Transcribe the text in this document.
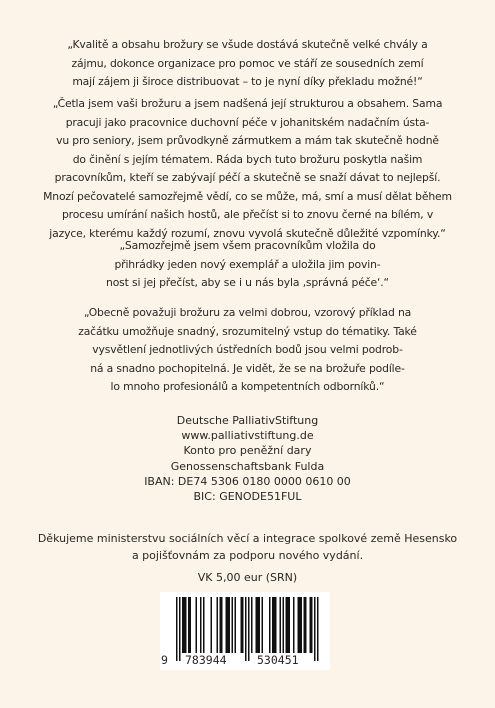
„Kvalitě a obsahu brožury se všude dostává skutečně velké chvály a
zájmu, dokonce organizace pro pomoc ve stáří ze sousedních zemí
mají zájem ji široce distribuovat – to je nyní díky překladu možné!“
„Četla jsem vaši brožuru a jsem nadšená její strukturou a obsahem. Sama
pracuji jako pracovnice duchovní péče v johanitském nadačním ústa-
vu pro seniory, jsem průvodkyně zármutkem a mám tak skutečně hodně
do činění s jejím tématem. Ráda bych tuto brožuru poskytla našim
pracovníkům, kteří se zabývají péčí a skutečně se snaží dávat to nejlepší.
Mnozí pečovatelé samozřejmě vědí, co se může, má, smí a musí dělat během
procesu umírání našich hostů, ale přečíst si to znovu černé na bílém, v
jazyce, kterému každý rozumí, znovu vyvolá skutečně důležité vzpomínky.“
„Samozřejmě jsem všem pracovníkům vložila do
přihrádky jeden nový exemplář a uložila jim povin-
nost si jej přečíst, aby se i u nás byla ‚správná péče‘.“
„Obecně považuji brožuru za velmi dobrou, vzorový příklad na
začátku umožňuje snadný, srozumitelný vstup do tématiky. Také
vysvětlení jednotlivých ústředních bodů jsou velmi podrob-
ná a snadno pochopitelná. Je vidět, že se na brožuře podíle-
lo mnoho profesionálů a kompetentních odborníků.“
Deutsche PalliativStiftung
www.palliativstiftung.de
Konto pro peněžní dary
Genossenschaftsbank Fulda
IBAN: DE74 5306 0180 0000 0610 00
BIC: GENODE51FUL
Děkujeme ministerstvu sociálních věcí a integrace spolkové země Hesensko
a pojišťovnám za podporu nového vydání.
VK 5,00 eur (SRN)
9 783944	530451
